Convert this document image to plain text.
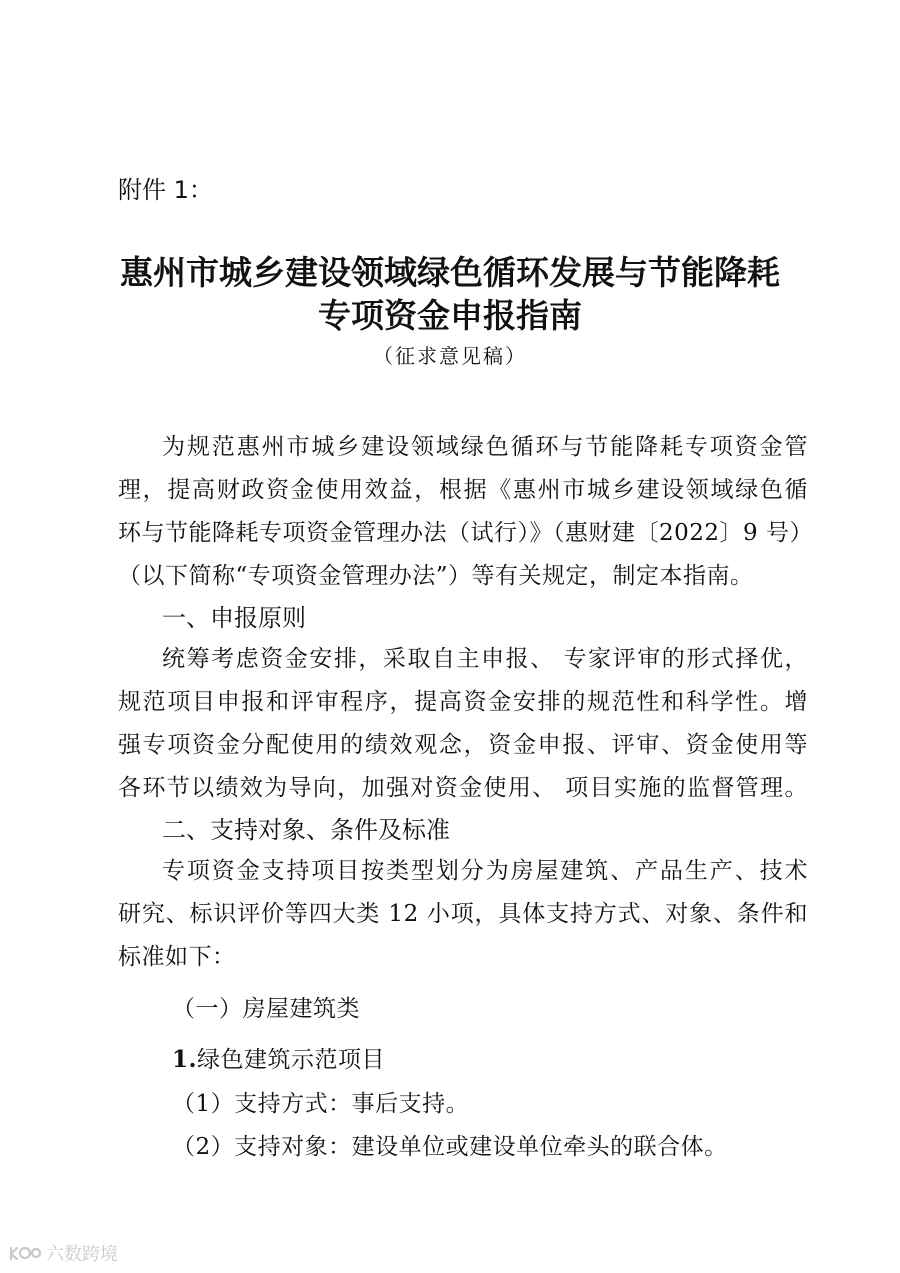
附件 1：
惠州市城乡建设领域绿色循环发展与节能降耗
专项资金申报指南
（征求意见稿）
为规范惠州市城乡建设领域绿色循环与节能降耗专项资金管
理，提高财政资金使用效益，根据《惠州市城乡建设领域绿色循
环与节能降耗专项资金管理办法（试行）》（惠财建〔2022〕9 号）
（以下简称“专项资金管理办法”）等有关规定，制定本指南。
一、申报原则
统筹考虑资金安排，采取自主申报、 专家评审的形式择优，
规范项目申报和评审程序，提高资金安排的规范性和科学性。增
强专项资金分配使用的绩效观念，资金申报、评审、资金使用等
各环节以绩效为导向，加强对资金使用、 项目实施的监督管理。
二、支持对象、条件及标准
专项资金支持项目按类型划分为房屋建筑、产品生产、技术
研究、标识评价等四大类 12 小项，具体支持方式、对象、条件和
标准如下：
（一）房屋建筑类
1.绿色建筑示范项目
（1）支持方式：事后支持。
（2）支持对象：建设单位或建设单位牵头的联合体。
六数跨境
